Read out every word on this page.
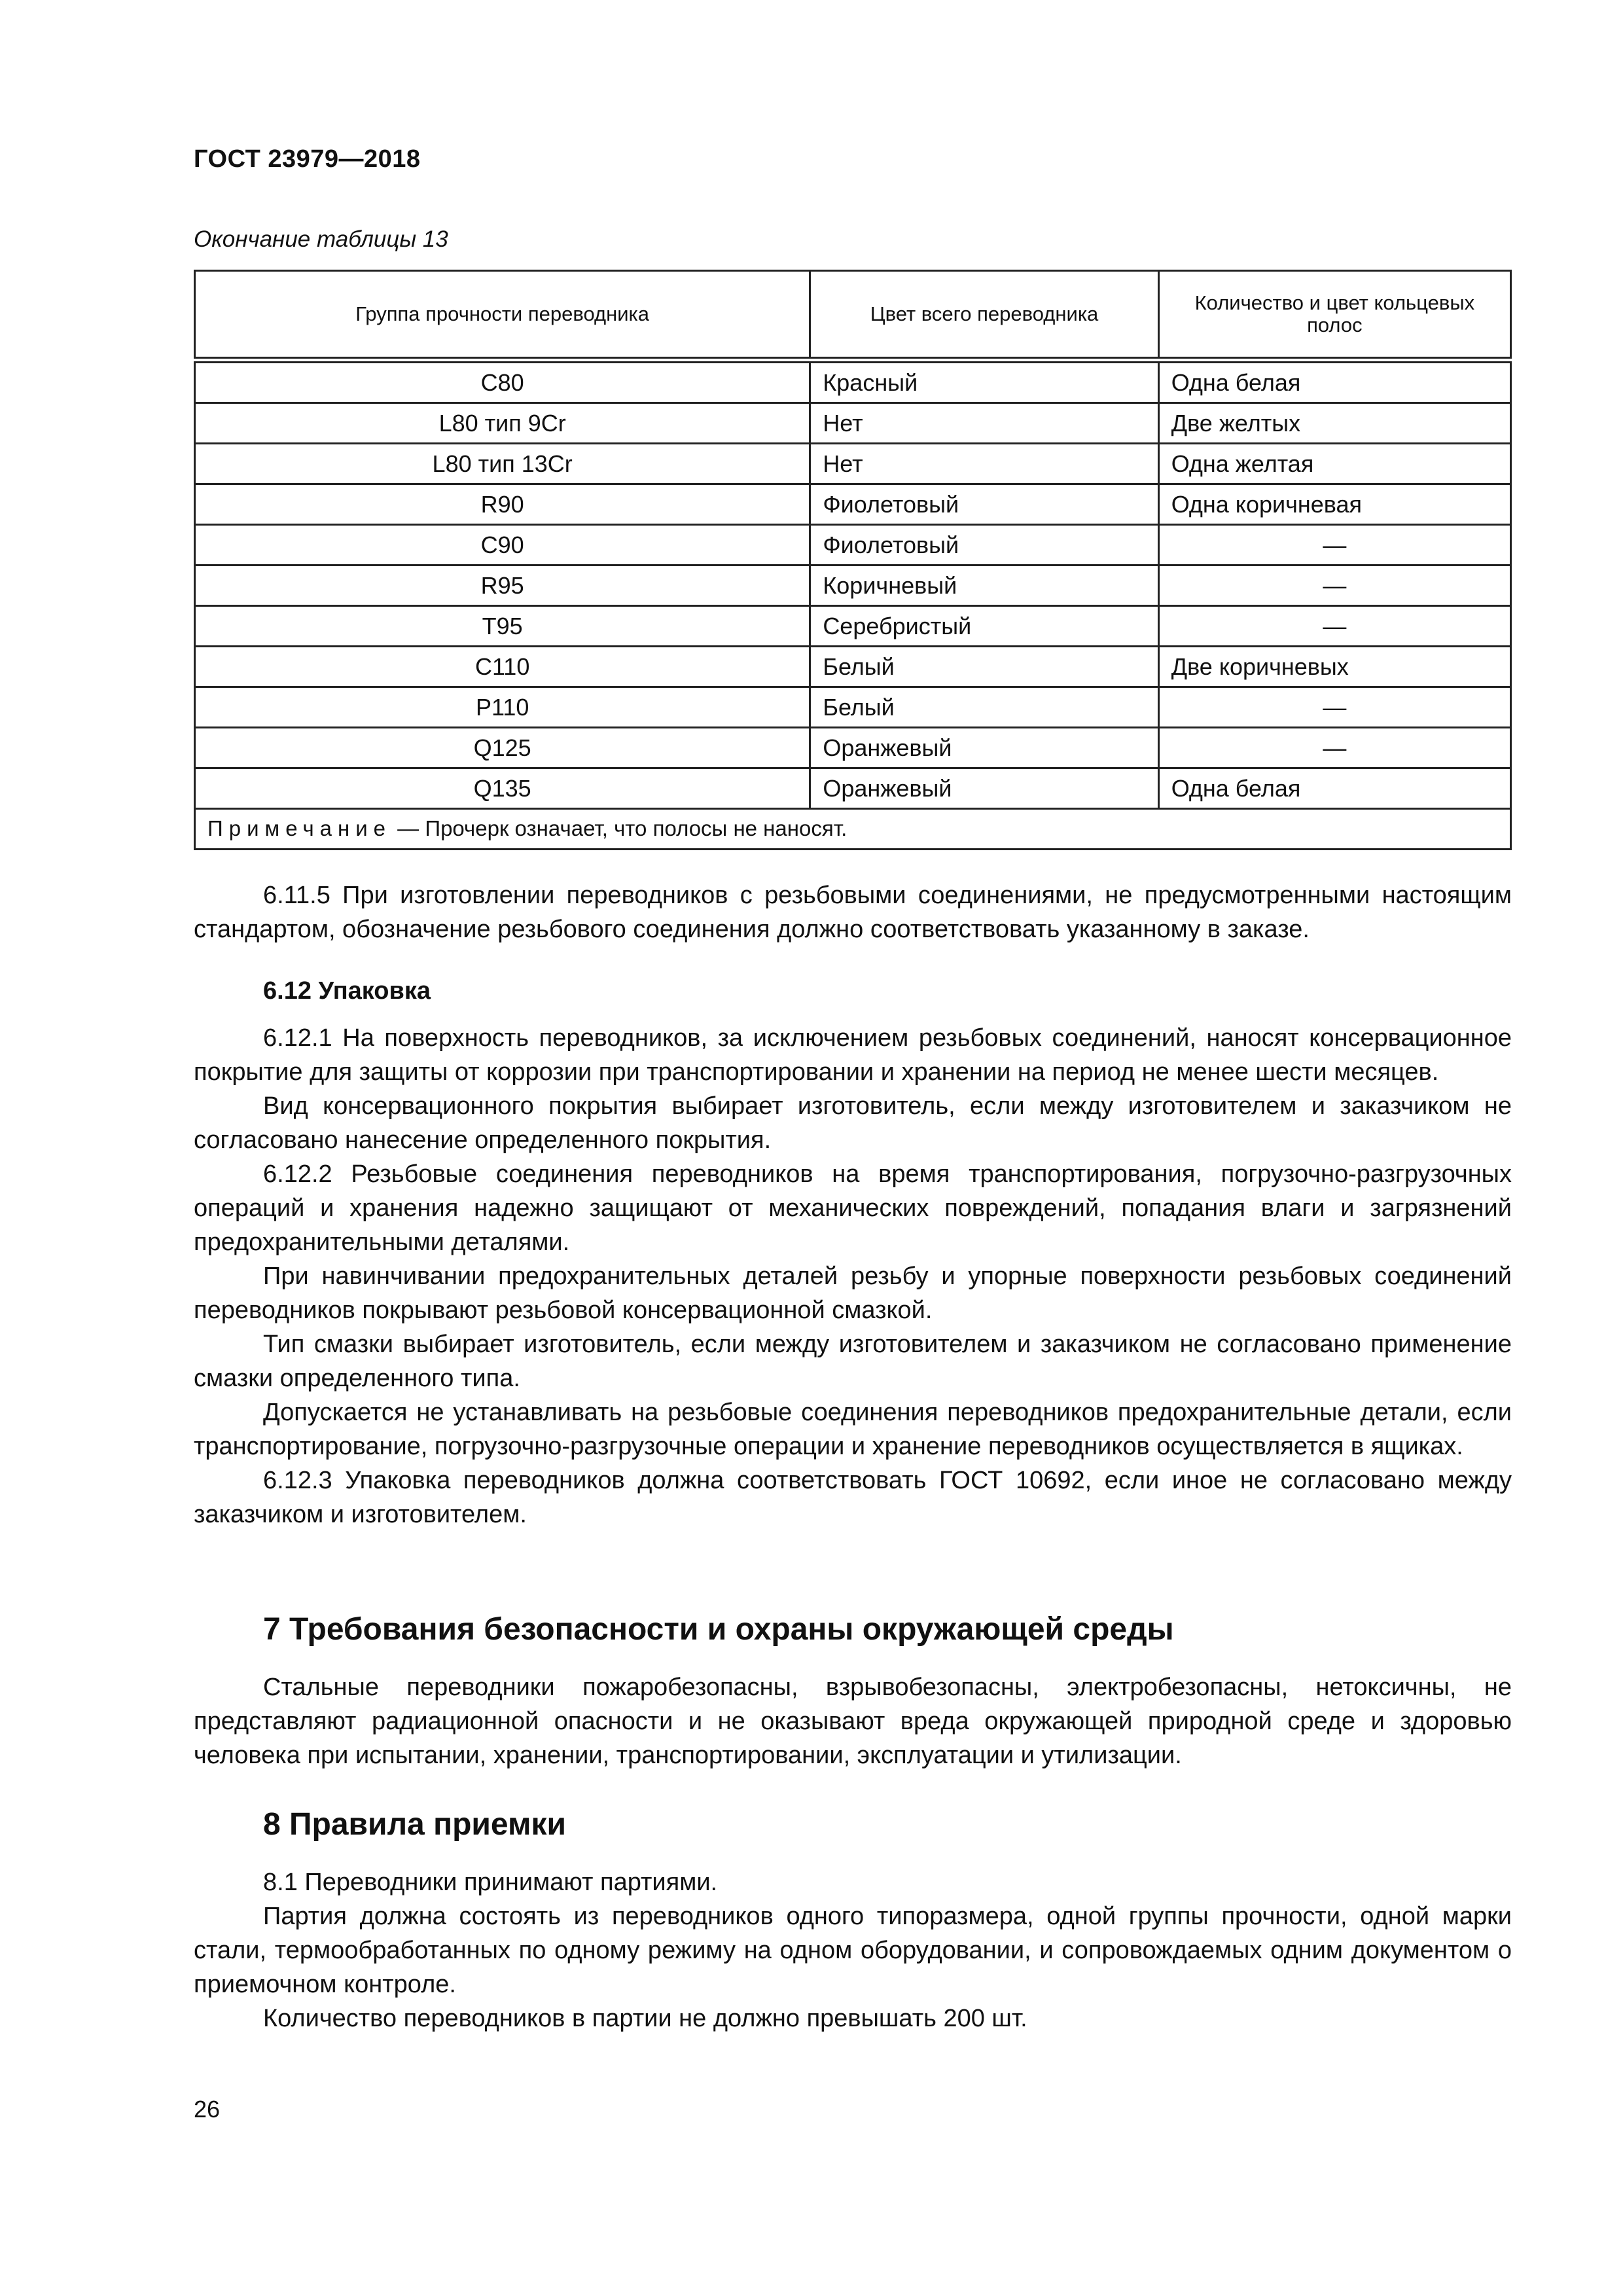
ГОСТ 23979—2018
Окончание таблицы 13
Группа прочности переводника	Цвет всего переводника	Количество и цвет кольцевых полос
C80	Красный	Одна белая
L80 тип 9Cr	Нет	Две желтых
L80 тип 13Cr	Нет	Одна желтая
R90	Фиолетовый	Одна коричневая
C90	Фиолетовый	—
R95	Коричневый	—
T95	Серебристый	—
C110	Белый	Две коричневых
P110	Белый	—
Q125	Оранжевый	—
Q135	Оранжевый	Одна белая
Примечание — Прочерк означает, что полосы не наносят.		

6.11.5 При изготовлении переводников с резьбовыми соединениями, не предусмотренными настоящим стандартом, обозначение резьбового соединения должно соответствовать указанному в заказе.

6.12 Упаковка

6.12.1 На поверхность переводников, за исключением резьбовых соединений, наносят консервационное покрытие для защиты от коррозии при транспортировании и хранении на период не менее шести месяцев.

Вид консервационного покрытия выбирает изготовитель, если между изготовителем и заказчиком не согласовано нанесение определенного покрытия.

6.12.2 Резьбовые соединения переводников на время транспортирования, погрузочно-разгрузочных операций и хранения надежно защищают от механических повреждений, попадания влаги и загрязнений предохранительными деталями.

При навинчивании предохранительных деталей резьбу и упорные поверхности резьбовых соединений переводников покрывают резьбовой консервационной смазкой.

Тип смазки выбирает изготовитель, если между изготовителем и заказчиком не согласовано применение смазки определенного типа.

Допускается не устанавливать на резьбовые соединения переводников предохранительные детали, если транспортирование, погрузочно-разгрузочные операции и хранение переводников осуществляется в ящиках.

6.12.3 Упаковка переводников должна соответствовать ГОСТ 10692, если иное не согласовано между заказчиком и изготовителем.

7 Требования безопасности и охраны окружающей среды

Стальные переводники пожаробезопасны, взрывобезопасны, электробезопасны, нетоксичны, не представляют радиационной опасности и не оказывают вреда окружающей природной среде и здоровью человека при испытании, хранении, транспортировании, эксплуатации и утилизации.

8 Правила приемки

8.1 Переводники принимают партиями.

Партия должна состоять из переводников одного типоразмера, одной группы прочности, одной марки стали, термообработанных по одному режиму на одном оборудовании, и сопровождаемых одним документом о приемочном контроле.

Количество переводников в партии не должно превышать 200 шт.

26
